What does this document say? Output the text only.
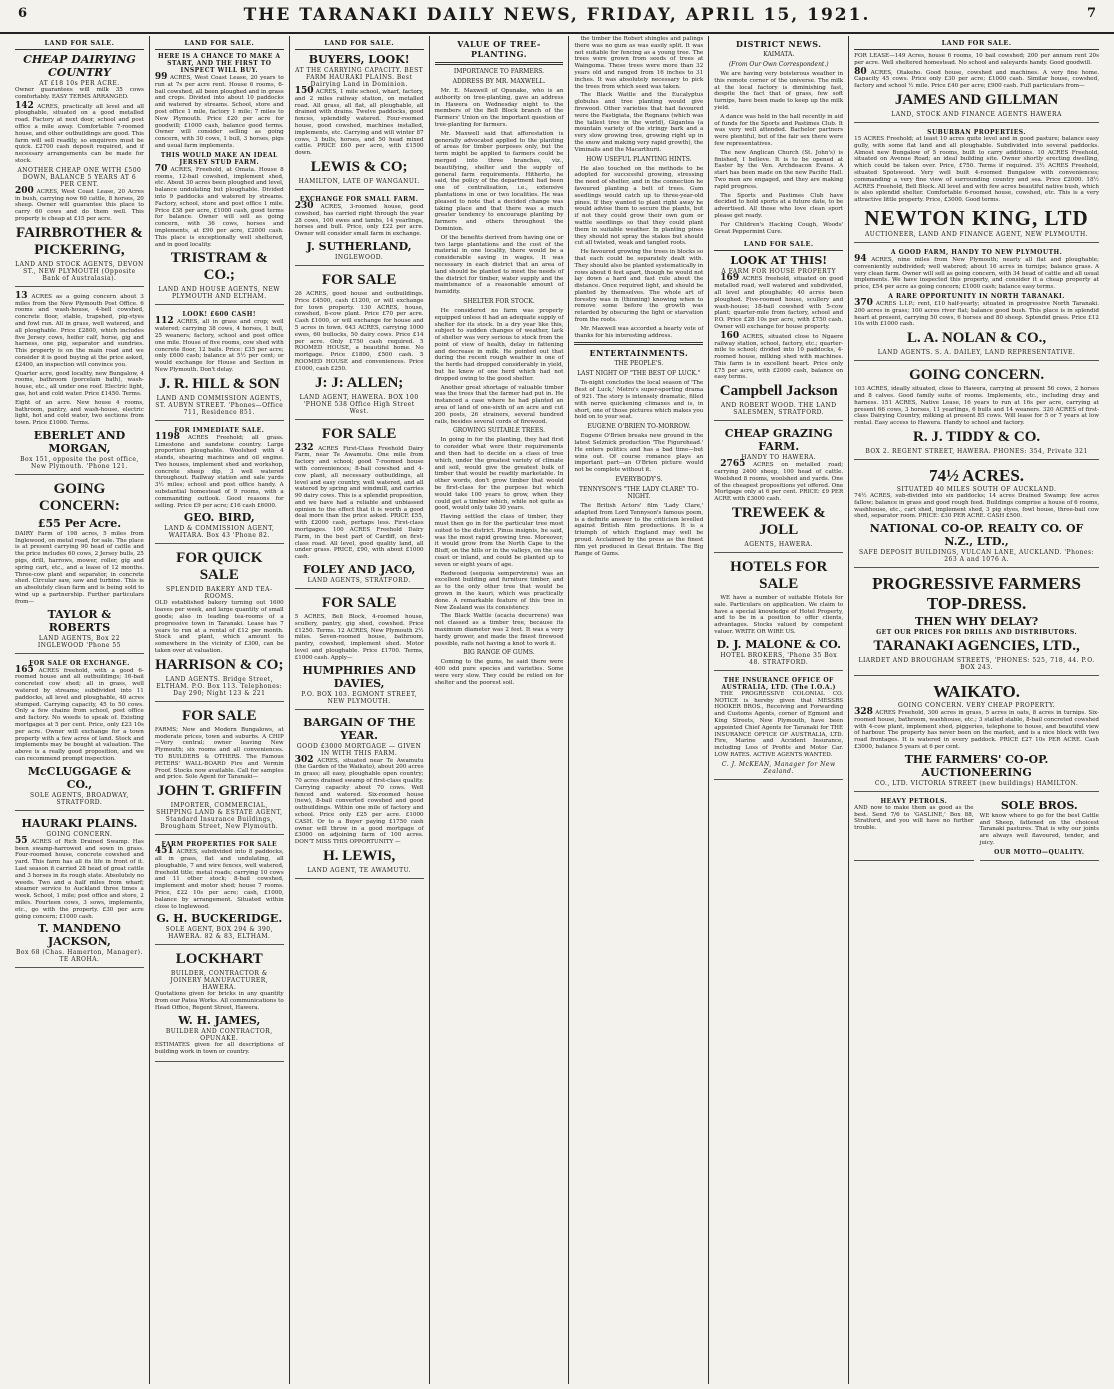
6	THE TARANAKI DAILY NEWS, FRIDAY, APRIL 15, 1921.	7
LAND FOR SALE.
CHEAP DAIRYING COUNTRY
AT £18 10s PER ACRE.

Owner guarantees will milk 35 cows comfortably. EASY TERMS ARRANGED.

142 ACRES, practically all level and all ploughable, situated on a good metalled road. Factory at next door, school and post office a mile away. Comfortable 7-roomed house, and other outbuildings are good. This farm will sell readily, so enquirers must be quick. £2700 cash deposit required, and if necessary arrangements can be made for stock.

ANOTHER CHEAP ONE WITH £500 DOWN, BALANCE 5 YEARS AT 6 PER CENT.

200 ACRES, West Coast Lease, 20 Acres in bush, carrying now 60 cattle, 8 horses, 20 sheep. Owner will guarantee this place to carry 60 cows and do them well. This property is cheap at £15 per acre.

FAIRBROTHER & PICKERING,
LAND AND STOCK AGENTS, DEVON ST., NEW PLYMOUTH (Opposite Bank of Australasia).

13 ACRES as a going concern about 3 miles from the New Plymouth Post Office. 6 rooms and wash-house, 4-bell cowshed, concrete floor, stable, trapshed, pig-styes and fowl run. All in grass, well watered, and all ploughable. Price £2800, which includes five Jersey cows, heifer calf, horse, gig and harness, one pig, separator and sundries. This property is on the main road and we consider it is good buying at the price asked, £2400, an inspection will convince you.

Quarter acre, good locality, new Bungalow, 4 rooms, bathroom (porcelain bath), wash-house, etc., all under one roof. Electric light, gas, hot and cold water. Price £1450. Terms.

Eight of an acre. New house 4 rooms, bathroom, pantry, and wash-house, electric light, hot and cold water, two sections from town. Price £1000. Terms.

EBERLET AND MORGAN,
Box 151, opposite the post office, New Plymouth. 'Phone 121.
GOING CONCERN:
£55 Per Acre.

DAIRY Farm of 198 acres, 5 miles from Inglewood, on metal road, for sale. The place is at present carrying 90 head of cattle and the price includes 60 cows, 2 Jersey bulls, 25 pigs, drill, harrows, mower, roller, gig and spring cart, etc., and a lease of 12 months. Three-cow plant and separator, in concrete shed. Circular saw, saw and turbine. This is an absolutely clean farm and is being sold to wind up a partnership. Further particulars from—

TAYLOR & ROBERTS
LAND AGENTS, Box 22 INGLEWOOD 'Phone 55
FOR SALE OR EXCHANGE.

165 ACRES freehold, with a good 6-roomed house and all outbuildings; 16-bail concreted cow shed; all in grass, well watered by streams; subdivided into 11 paddocks, all level and ploughable, 40 acres stumped. Carrying capacity, 45 to 50 cows. Only a few chains from school, post office and factory. No weeds to speak of. Existing mortgages at 5 per cent. Price, only £23 10s per acre. Owner will exchange for a town property with a few acres of land. Stock and implements may be bought at valuation. The above is a really good proposition, and we can recommend prompt inspection.

McCLUGGAGE & CO.,
SOLE AGENTS, BROADWAY, STRATFORD.
HAURAKI PLAINS.
GOING CONCERN.

55 ACRES of Rich Drained Swamp. Has been swamp-harrowed and sown in grass. Four-roomed house, concrete cowshed and yard. This farm has all its life in front of it. Last season it carried 28 head of great cattle and 3 horses in its rough state. Absolutely no weeds. Two and a half miles from wharf; steamer service to Auckland three times a week. School, 1 mile; post office and store, 2 miles. Fourteen cows, 3 sows, implements, etc., go with the property. £30 per acre going concern; £1000 cash.

T. MANDENO JACKSON,
Box 68 (Chas. Hamerton, Manager). TE AROHA.
LAND FOR SALE.
HERE IS A CHANCE TO MAKE A START, AND THE FIRST TO INSPECT WILL BUY.

99 ACRES, West Coast Lease, 20 years to run at 7s per acre rent. House 6 rooms, 6-bail cowshed, all been ploughed and in grass and crops. Divided into about 10 paddocks and watered by streams. School, store and post office 1 mile, factory 1 mile; 7 miles to New Plymouth. Price £20 per acre for goodwill; £1000 cash, balance good terms. Owner will consider selling as going concern, with 30 cows, 1 bull, 3 horses, pigs and usual farm implements.

THIS WOULD MAKE AN IDEAL JERSEY STUD FARM.

70 ACRES, Freehold, at Omata. House 8 rooms, 12-bail cowshed, implement shed, etc. About 30 acres been ploughed and level, balance undulating but ploughable. Divided into 9 paddocks and watered by streams. Factory, school, store and post office 1 mile. Price £38 per acre, £1000 cash, good terms for balance. Owner will sell as going concern, with 36 cows, horses and implements, at £90 per acre, £2000 cash. This place is exceptionally well sheltered, and in good locality.

TRISTRAM & CO.;
LAND AND HOUSE AGENTS, NEW PLYMOUTH AND ELTHAM.
LOOK! £600 CASH!

112 ACRES, all in grass and crop; well watered; carrying 38 cows, 4 horses, 1 bull, 25 weaners; factory, school and post office one mile. House of five rooms, cow shed with concrete floor, 12 bails. Price: £35 per acre; only £600 cash; balance at 5½ per cent; or would exchange for House and Section in New Plymouth. Don't delay.

J. R. HILL & SON
LAND AND COMMISSION AGENTS, ST. AUBYN STREET. 'Phones—Office 711, Residence 851.
FOR IMMEDIATE SALE.

1198 ACRES Freehold; all grass. Limestone and sandstone country. Large proportion ploughable. Woolshed with 4 stands, shearing machines and oil engine. Two houses, implement shed and workshop, concrete sheep dip, 3 well watered throughout. Railway station and sale yards 3½ miles; school and post office handy. A substantial homestead of 9 rooms, with a commanding outlook. Good reasons for selling. Price £9 per acre; £16 cash £6000.

GEO. BIRD,
LAND & COMMISSION AGENT, WAITARA. Box 43 'Phone 82.
FOR QUICK SALE
SPLENDID BAKERY AND TEA-ROOMS.

OLD established bakery turning out 1600 loaves per week, and large quantity of small goods; also in leading tea-rooms of a progressive town in Taranaki. Lease has 7 years to run at a rental of £12 per month. Stock and plant, which amount to somewhere in the vicinity of £300, can be taken over at valuation.

HARRISON & CO;
LAND AGENTS. Bridge Street, ELTHAM. P.O. Box 113. Telephones: Day 290; Night 123 & 221
FOR SALE

FARMS; New and Modern Bungalows, at moderate prices, town and suburbs. A CHIP—Very central; owner leaving New Plymouth; six rooms and all conveniences. TO BUILDERS & OTHERS. The Famous PETERS' WALL-BOARD Fire and Vermin Proof. Stocks now available. Call for samples and price. Sole Agent for Taranaki—

JOHN T. GRIFFIN
IMPORTER, COMMERCIAL, SHIPPING LAND & ESTATE AGENT, Standard Insurance Buildings, Brougham Street, New Plymouth.
FARM PROPERTIES FOR SALE

451 ACRES, subdivided into 8 paddocks, all in grass, flat and undulating, all ploughable, 7 and wire fences, well watered, freehold title; metal roads; carrying 10 cows and 11 other stock; 8-bail cowshed, implement and motor shed; house 7 rooms. Price, £22 10s per acre; cash, £1000, balance by arrangement. Situated within close to Inglewood.

G. H. BUCKERIDGE.
SOLE AGENT, BOX 294 & 390, HAWERA. 82 & 83, ELTHAM.
LOCKHART
BUILDER, CONTRACTOR & JOINERY MANUFACTURER, HAWERA.

Quotations given for bricks in any quantity from our Patea Works. All communications to Head Office, Regent Street, Hawera.

W. H. JAMES,
BUILDER AND CONTRACTOR, OPUNAKE.

ESTIMATES given for all descriptions of building work in town or country.

LAND FOR SALE.
BUYERS, LOOK!
AT THE CARRYING CAPACITY. BEST FARM HAURAKI PLAINS. Best Dairying Land in Dominion.

150 ACRES, 1 mile school, wharf, factory, and 2 miles railway station, on metalled road. All grass, all flat, all ploughable, all drained with drains. Twelve paddocks, good fences, splendidly watered. Four-roomed house, good cowshed, machines installed, implements, etc. Carrying and will winter 87 cows, 3 bulls, horses, and 50 head mixed cattle. PRICE £60 per acre, with £1500 down.

LEWIS & CO;
HAMILTON, LATE OF WANGANUI.
EXCHANGE FOR SMALL FARM.

230 ACRES, 3-roomed house, good cowshed, has carried right through the year 28 cows, 100 ewes and lambs, 14 yearlings, horses and bull. Price, only £22 per acre. Owner will consider small farm in exchange.

J. SUTHERLAND,
INGLEWOOD.
FOR SALE

26 ACRES, good house and outbuildings. Price £4500, cash £1200, or will exchange for town property. 130 ACRES, house, cowshed, 8-cow plant. Price £70 per acre. Cash £1000, or will exchange for house and 5 acres in town. 643 ACRES, carrying 1000 ewes, 60 bullocks, 50 dairy cows. Price £14 per acre. Only £750 cash required. 5 ROOMED HOUSE, a beautiful home. No mortgage. Price £1800, £500 cash. 5 ROOMED HOUSE and conveniences. Price £1000, cash £250.

J: J: ALLEN;
LAND AGENT, HAWERA. BOX 100 'PHONE 538 Office High Street West.
FOR SALE

232 ACRES First-Class Freehold Dairy Farm, near Te Awamutu. One mile from factory and school; good 7-roomed house with conveniences; 8-bail cowshed and 4-cow plant, all necessary outbuildings, all level and easy country, well watered, and all watered by spring and windmill, and carries 90 dairy cows. This is a splendid proposition, and we have had a reliable and unbiassed opinion to the effect that it is worth a good deal more than the price asked. PRICE £55, with £2000 cash, perhaps less. First-class mortgages. 100 ACRES Freehold Dairy Farm, in the best part of Cardiff, on first-class road. All level, good quality land, all under grass. PRICE, £90, with about £1000 cash.

FOLEY AND JACO,
LAND AGENTS, STRATFORD.
FOR SALE

5 ACRES, Bell Block, 4-roomed house, scullery, pantry, gig shed, cowshed. Price £1250. Terms. 12 ACRES, New Plymouth 2½ miles. Seven-roomed house, bathroom, pantry, cowshed, implement shed. Motor level and ploughable. Price £1700. Terms, £1000 cash. Apply—

HUMPHRIES AND DAVIES,
P.O. BOX 103. EGMONT STREET, NEW PLYMOUTH.
BARGAIN OF THE YEAR.
GOOD £3000 MORTGAGE — GIVEN IN WITH THIS FARM.

302 ACRES, situated near Te Awamutu (the Garden of the Waikato), about 200 acres in grass; all easy, ploughable open country; 70 acres drained swamp of first-class quality. Carrying capacity about 70 cows. Well fenced and watered. Six-roomed house (new), 8-bail converted cowshed and good outbuildings. Within one mile of factory and school. Price only £25 per acre. £1000 CASH. Or to a Buyer paying £1750 cash owner will throw in a good mortgage of £3000 on adjoining farm of 100 acres. DON'T MISS THIS OPPORTUNITY —

H. LEWIS,
LAND AGENT, TE AWAMUTU.
VALUE OF TREE-PLANTING.
IMPORTANCE TO FARMERS.
ADDRESS BY MR. MAXWELL.

Mr. E. Maxwell of Opunake, who is an authority on tree-planting, gave an address in Hawera on Wednesday night to the members of the Bell Block branch of the Farmers' Union on the important question of tree-planting for farmers.

Mr. Maxwell said that afforestation is generally advocated applied to the planting of areas for timber purposes only, but the term might be applied to farmers could be merged into three branches, viz., beautifying, shelter and the supply of general farm requirements. Hitherto, he said, the policy of the department had been one of centralisation, i.e., extensive plantations in one or two localities. He was pleased to note that a decided change was taking place and that there was a much greater tendency to encourage planting by farmers and others throughout the Dominion.

Of the benefits derived from having one or two large plantations and the cost of the material in one locality, there would be a considerable saving in wages. It was necessary in each district that an area of land should be planted to meet the needs of the district for timber, water supply and the maintenance of a reasonable amount of humidity.

SHELTER FOR STOCK.

He considered no farm was properly equipped unless it had an adequate supply of shelter for its stock. In a dry year like this, subject to sudden changes of weather, lack of shelter was very serious to stock from the point of view of health, delay in fattening and decrease in milk. He pointed out that during the recent rough weather in one of the herds had dropped considerably in yield, but he knew of one herd which had not dropped owing to the good shelter.

Another great shortage of valuable timber was the trees that the farmer had put in. He instanced a case where he had planted an area of land of one-sixth of an acre and cut 200 posts, 26 strainers, several hundred rails, besides several cords of firewood.

GROWING SUITABLE TREES.

In going in for the planting, they had first to consider what were their requirements and then had to decide on a class of tree which, under the greatest variety of climate and soil, would give the greatest bulk of timber that would be readily marketable. In other words, don't grow timber that would be first-class for the purpose but which would take 100 years to grow, when they could get a timber which, while not quite as good, would only take 30 years.

Having settled the class of timber, they must then go in for the particular tree most suited to the district. Pinus insignis, he said, was the most rapid growing tree. Moreover, it would grow from the North Cape to the Bluff, on the hills or in the valleys, on the sea coast or inland, and could be planted up to seven or eight years of age.

Redwood (sequoia sempervirens) was an excellent building and furniture timber, and as to the only other tree that would be grown in the kauri, which was practically done. A remarkable feature of this tree in New Zealand was its consistency.

The Black Wattle (acacia decurrens) was not classed as a timber tree, because its maximum diameter was 2 feet. It was a very hardy grower, and made the finest firewood possible, rails not having a knot to work it.

BIG RANGE OF GUMS.

Coming to the gums, he said there were 400 odd pure species and varieties. Some were very slow. They could be relied on for shelter and the poorest soil.

the timber the Robert shingles and palings there was no gum as was easily split. It was not suitable for fencing as a young tree. The trees were grown from seeds of trees at Waingoma. These trees were more than 32 years old and ranged from 16 inches to 31 inches. It was absolutely necessary to pick the trees from which seed was taken.

The Black Wattle and the Eucalyptus globulus and tree planting would give firewood. Other varieties that had favoured were the Fastigiata, the Regnans (which was the tallest tree in the world), Gigantea (a mountain variety of the stringy bark and a very slow growing tree, growing right up in the snow and making very rapid growth), the Viminalis and the Macarthurii.

HOW USEFUL PLANTING HINTS.

He also touched on the methods to be adopted for successful growing, stressing the need of shelter, and in the connection he favoured planting a belt of trees. Gum seedlings would catch up to three-year-old pines. If they wanted to plant right away he would advise them to secure the plants, but if not they could grow their own gum or wattle seedlings so that they could plant them in suitable weather. In planting pines they should not spray the stakes but should cut all twisted, weak and tangled roots.

He favoured growing the trees in blocks so that each could be separately dealt with. They should also be planted systematically in rows about 6 feet apart, though he would not lay down a hard and fast rule about the distance. Once required light, and should be planted by themselves. The whole art of forestry was in (thinning) knowing when to remove some before the growth was retarded by obscuring the light or starvation from the roots.

Mr. Maxwell was accorded a hearty vote of thanks for his interesting address.

ENTERTAINMENTS.
THE PEOPLE'S.
LAST NIGHT OF "THE BEST OF LUCK."

To-night concludes the local season of 'The Best of Luck,' Metro's super-sporting drama of 921. The story is intensely dramatic, filled with nerve quickening climaxes and is, in short, one of those pictures which makes you hold on to your seat.

EUGENE O'BRIEN TO-MORROW.

Eugene O'Brien breaks new ground in the latest Selznick production 'The Figurehead.' He enters politics and has a bad time—but wins out. Of course romance plays an important part—an O'Brien picture would not be complete without it.

EVERYBODY'S.
TENNYSON'S "THE LADY CLARE" TO-NIGHT.

The British Actors' film 'Lady Clare,' adapted from Lord Tennyson's famous poem, is a definite answer to the criticism levelled against British film productions. It is a triumph of which England may well be proud. Acclaimed by the press as the finest film yet produced in Great Britain. The Big Range of Gums.

DISTRICT NEWS.
KAIMATA.
(From Our Own Correspondent.)

We are having very boisterous weather in this remote corner of the universe. The milk at the local factory is diminishing fast, despite the fact that of grass, few soft turnips, have been made to keep up the milk yield.

A dance was held in the hall recently in aid of funds for the Sports and Pastimes Club. It was very well attended. Bachelor partners were plentiful, but of the fair sex there were few representatives.

The new Anglican Church (St. John's) is finished, I believe. It is to be opened at Easter by the Ven. Archdeacon Evans. A start has been made on the new Pacific Hall. Two men are engaged, and they are making rapid progress.

The Sports and Pastimes Club have decided to hold sports at a future date, to be advertised. All those who love clean sport please get ready.

For Children's Hacking Cough, Woods' Great Peppermint Cure.

LAND FOR SALE.
LOOK AT THIS!
A FARM FOR HOUSE PROPERTY

169 ACRES freehold, situated on good metalled road, well watered and subdivided, all level and ploughable; 40 acres been ploughed. Five-roomed house, scullery and wash-house; 18-bail cowshed with 5-cow plant; quarter-mile from factory, school and P.O. Price £28 10s per acre, with £750 cash. Owner will exchange for house property.

160 ACRES, situated close to Ngaere railway station, school, factory, etc.; quarter-mile to school; divided into 10 paddocks, 4-roomed house, milking shed with machines. This farm is in excellent heart. Price only £75 per acre, with £2000 cash, balance on easy terms.

Campbell Jackson
AND ROBERT WOOD. THE LAND SALESMEN, STRATFORD.
CHEAP GRAZING FARM.
HANDY TO HAWERA.

2765 ACRES on metalled road; carrying 2400 sheep, 100 head of cattle. Woolshed 8 rooms, woolshed and yards. One of the cheapest propositions yet offered. One Mortgage only at 6 per cent. PRICE: £9 PER ACRE with £3000 cash.

TREWEEK & JOLL
AGENTS, HAWERA.
HOTELS FOR SALE

WE have a number of suitable Hotels for sale. Particulars on application. We claim to have a special knowledge of Hotel Property, and to be in a position to offer clients, advantages. Stocks valued by competent valuer. WRITE OR WIRE US.

D. J. MALONE & CO.
HOTEL BROKERS, 'Phone 35 Box 48. STRATFORD.
THE INSURANCE OFFICE OF AUSTRALIA, LTD. (The I.O.A.)

THE PROGRESSIVE COLONIAL CO. NOTICE is hereby given that MESSRS HOOKER BROS., Receiving and Forwarding and Customs Agents, corner of Egmont and King Streets, New Plymouth, have been appointed Chief Agents for Taranaki for THE INSURANCE OFFICE OF AUSTRALIA, LTD. Fire, Marine and Accident Insurance, including Loss of Profits and Motor Car. LOW RATES. ACTIVE AGENTS WANTED.

C. J. McKEAN, Manager for New Zealand.
LAND FOR SALE.

FOR LEASE—149 Acres, house 6 rooms, 10 bail cowshed; 200 per annum rent 20s per acre. Well sheltered homestead. No school and saleyards handy. Good goodwill.

80 ACRES, Otakeho. Good house, cowshed and machines. A very fine home. Capacity 45 cows. Price only £30 per acre; £1000 cash. Similar house, cowshed, factory and school ½ mile. Price £40 per acre; £900 cash. Full particulars from—

JAMES AND GILLMAN
LAND, STOCK AND FINANCE AGENTS HAWERA
SUBURBAN PROPERTIES.

15 ACRES Freehold; at least 10 acres quite level and in good pasture; balance easy gully, with some flat land and all ploughable. Subdivided into several paddocks. Almost new Bungalow of 5 rooms, built to carry additions. 10 ACRES Freehold, situated on Avenue Road; an ideal building site. Owner shortly erecting dwelling, which could be taken over. Price, £750. Terms if required. 3½ ACRES Freehold, situated Spotswood. Very well built 4-roomed Bungalow with conveniences; commanding a very fine view of surrounding country and sea. Price £2000. 18½ ACRES Freehold, Bell Block. All level and with few acres beautiful native bush, which is also splendid shelter. Comfortable 6-roomed house, cowshed, etc. This is a very attractive little property. Price, £3000. Good terms.

NEWTON KING, LTD
AUCTIONEER, LAND AND FINANCE AGENT, NEW PLYMOUTH.
A GOOD FARM, HANDY TO NEW PLYMOUTH.

94 ACRES, nine miles from New Plymouth; nearly all flat and ploughable; conveniently subdivided; well watered; about 16 acres in turnips; balance grass. A very clean farm. Owner will sell as going concern, with 34 head of cattle and all usual implements. We have inspected this property, and consider it a cheap property at price, £54 per acre as going concern; £1000 cash; balance easy terms.

A RARE OPPORTUNITY IN NORTH TARANAKI.

370 ACRES L.I.P.; rent, £10 half-yearly; situated in progressive North Taranaki. 200 acres in grass; 100 acres river flat; balance good bush. This place is in splendid heart at present, carrying 50 cows, 6 horses and 80 sheep. Splendid grass. Price £12 10s with £1000 cash.

L. A. NOLAN & CO.,
LAND AGENTS. S. A. DAILEY, LAND REPRESENTATIVE.
GOING CONCERN.

103 ACRES, ideally situated, close to Hawera, carrying at present 56 cows, 2 horses and 8 calves. Good family suite of rooms. Implements, etc., including dray and harness. 151 ACRES, Native Lease, 16 years to run at 16s per acre, carrying at present 66 cows, 3 horses, 11 yearlings, 6 bulls and 14 weaners. 320 ACRES of first-class Dairying Country, milking at present 85 cows. Will lease for 5 or 7 years at low rental. Easy access to Hawera. Handy to school and factory.

R. J. TIDDY & CO.
BOX 2. REGENT STREET, HAWERA. PHONES: 354, Private 321
74½ ACRES.
SITUATED 40 MILES SOUTH OF AUCKLAND.

74½ ACRES, sub-divided into six paddocks; 14 acres Drained Swamp; few acres fallow; balance in grass and good rough feed. Buildings comprise a house of 6 rooms, washhouse, etc., cart shed, implement shed, 3 pig styes, fowl house, three-bail cow shed, separator room. PRICE: £30 PER ACRE. CASH £500.

NATIONAL CO-OP. REALTY CO. OF N.Z., LTD.,
SAFE DEPOSIT BUILDINGS, VULCAN LANE, AUCKLAND. 'Phones: 263 A and 1076 A.
PROGRESSIVE FARMERS TOP-DRESS.
THEN WHY DELAY?
GET OUR PRICES FOR DRILLS AND DISTRIBUTORS.
TARANAKI AGENCIES, LTD.,
LIARDET AND BROUGHAM STREETS, 'PHONES: 525, 718, 44. P.O. BOX 243.
WAIKATO.
GOING CONCERN. VERY CHEAP PROPERTY.

328 ACRES Freehold, 300 acres in grass, 5 acres in oats, 8 acres in turnips. Six-roomed house, bathroom, washhouse, etc.; 3 stalled stable, 8-bail concreted cowshed with 4-cow plant, implement shed, piggeries, telephone to house, and beautiful view of harbour. The property has never been on the market, and is a nice block with two road frontages. It is watered in every paddock. PRICE £27 10s PER ACRE. Cash £3000, balance 5 years at 6 per cent.

THE FARMERS' CO-OP. AUCTIONEERING
CO., LTD. VICTORIA STREET (new buildings) HAMILTON.
HEAVY PETROLS.

AND now to make them as good as the best. Send 7/6 to 'GASLINE,' Box 88, Stratford, and you will have no further trouble.

SOLE BROS.

WE know where to go for the best Cattle and Sheep, fattened on the choicest Taranaki pastures. That is why our joints are always well flavoured, tender, and juicy.

OUR MOTTO—QUALITY.
